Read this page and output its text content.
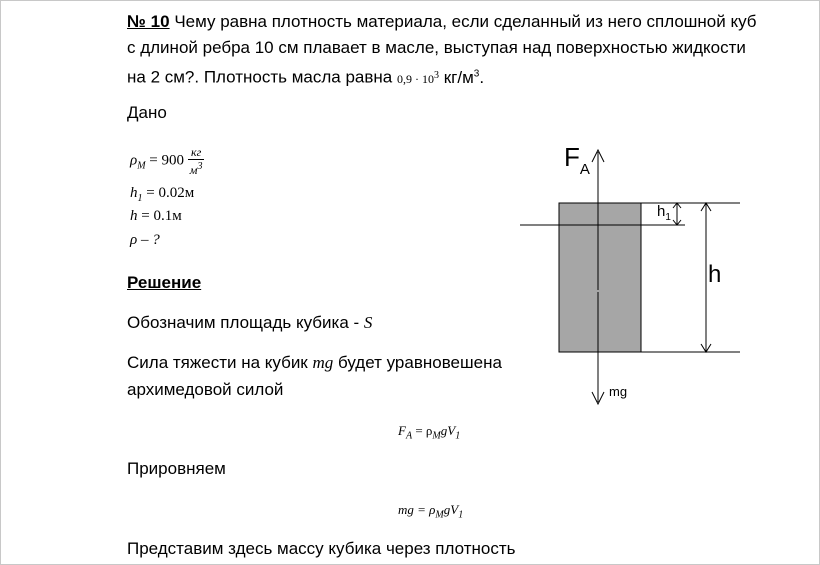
№ 10 Чему равна плотность материала, если сделанный из него сплошной куб
с длиной ребра 10 см плавает в масле, выступая над поверхностью жидкости
на 2 см?. Плотность масла равна $0,9 \cdot 10^3$ $кг/м^3$.
Дано
$\rho_М = 900 \frac{кг}{м^3}$
$h_1 = 0.02м$
h = 0.1м
ρ – ?
Решение
Обозначим площадь кубика - S
Сила тяжести на кубик mg будет уравновешена
архимедовой силой
$F_A = \rho_МgV_1$
Прировняем
mg = $\rho_МgV_1$
Представим здесь массу кубика через плотность
$F_A$
$h_1$
h
mg
